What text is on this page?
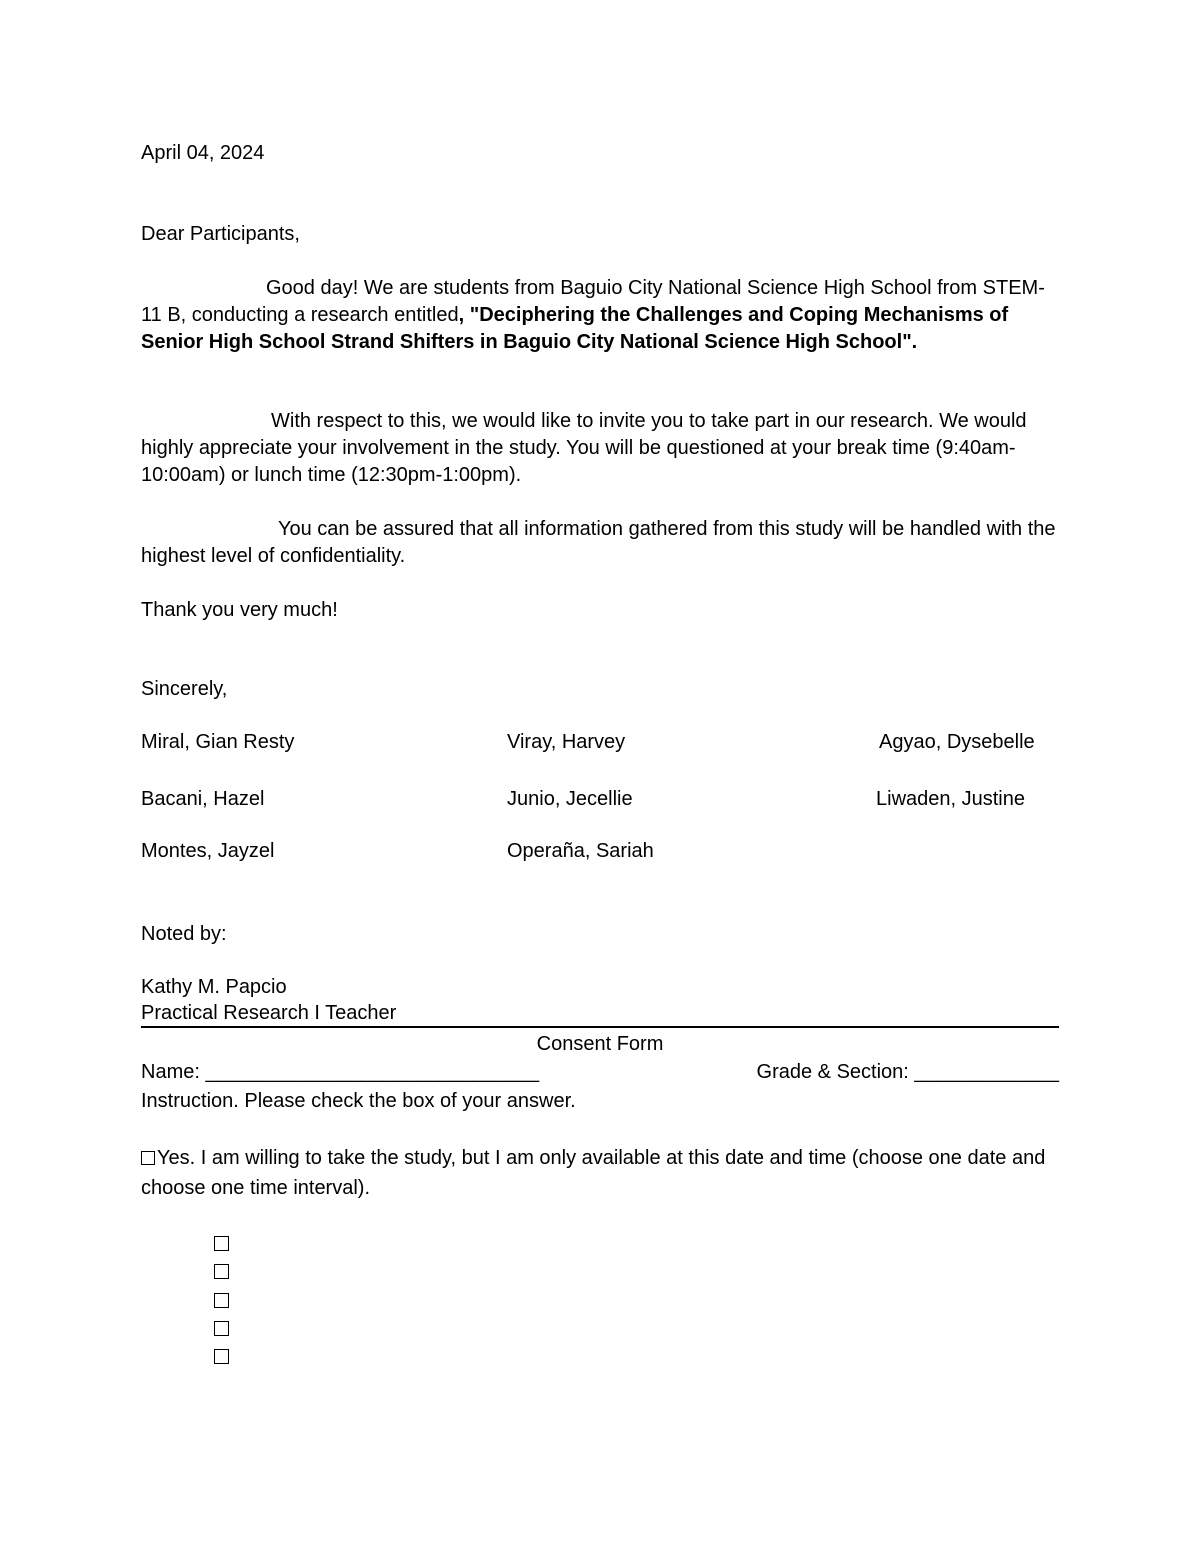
April 04, 2024
Dear Participants,
Good day! We are students from Baguio City National Science High School from STEM-11 B, conducting a research entitled, "Deciphering the Challenges and Coping Mechanisms of Senior High School Strand Shifters in Baguio City National Science High School".
With respect to this, we would like to invite you to take part in our research. We would highly appreciate your involvement in the study. You will be questioned at your break time (9:40am-10:00am) or lunch time (12:30pm-1:00pm).
You can be assured that all information gathered from this study will be handled with the highest level of confidentiality.
Thank you very much!
Sincerely,
Miral, Gian Resty	Viray, Harvey	Agyao, Dysebelle
Bacani, Hazel	Junio, Jecellie	Liwaden, Justine
Montes, Jayzel	Operaña, Sariah
Noted by:
Kathy M. Papcio
Practical Research I Teacher
Consent Form
Name: ______________________________	Grade & Section: _____________
Instruction. Please check the box of your answer.
Yes. I am willing to take the study, but I am only available at this date and time (choose one date and choose one time interval).
